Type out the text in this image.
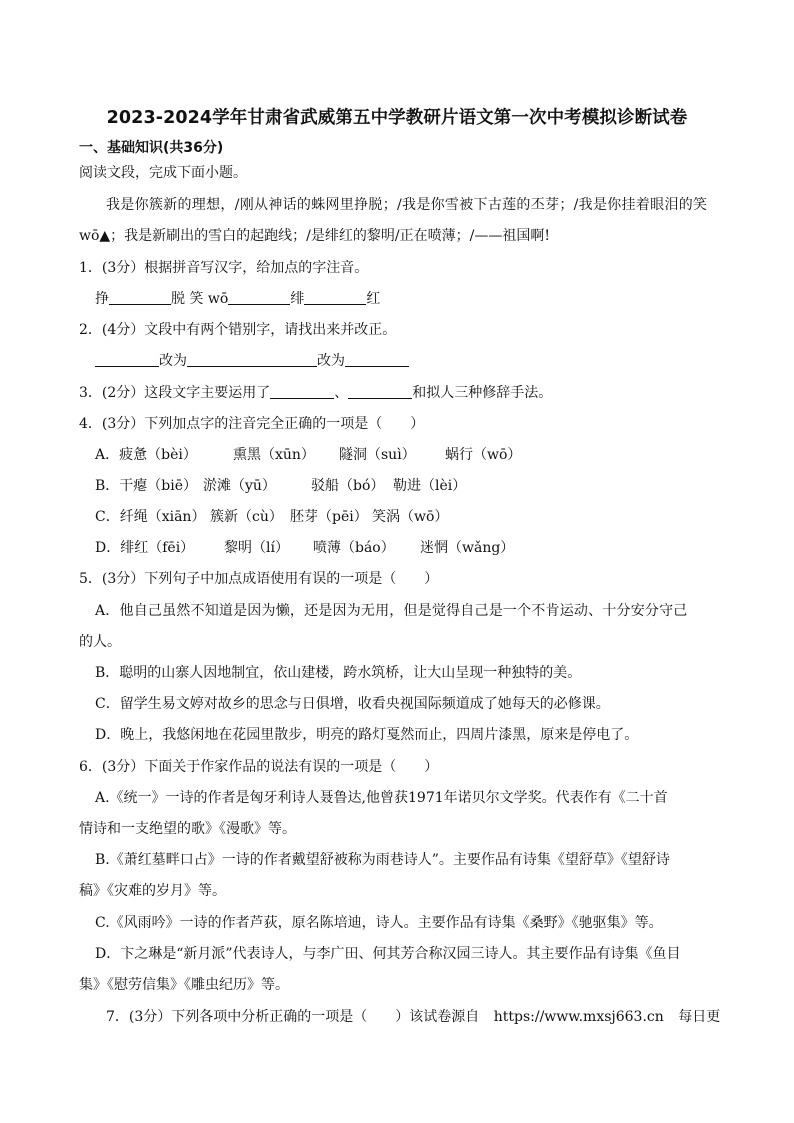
2023-2024学年甘肃省武威第五中学教研片语文第一次中考模拟诊断试卷
一、基础知识(共36分)
阅读文段，完成下面小题。
我是你簇新的理想，/刚从神话的蛛网里挣脱；/我是你雪被下古莲的丕芽；/我是你挂着眼泪的笑
wō▲；我是新刷出的雪白的起跑线；/是绯红的黎明/正在喷薄；/——祖国啊!
1．(3分）根据拼音写汉字，给加点的字注音。
挣	脱 笑 wō	绯	红
2．(4分）文段中有两个错别字，请找出来并改正。
改为	改为
3．(2分）这段文字主要运用了	、	和拟人三种修辞手法。
4．(3分）下列加点字的注音完全正确的一项是（　　）
A．疲惫（bèi）	熏黑（xūn） 隧洞（suì） 蜗行（wō）
B．干瘪（biē） 淤滩（yū）	驳船（bó） 勒进（lèi）
C．纤绳（xiān） 簇新（cù） 胚芽（pēi） 笑涡（wō）
D．绯红（fēi） 黎明（lí） 喷薄（báo） 迷惘（wǎng）
5．(3分）下列句子中加点成语使用有误的一项是（　　）
A．他自己虽然不知道是因为懒，还是因为无用，但是觉得自己是一个不肯运动、十分安分守己
的人。
B．聪明的山寨人因地制宜，依山建楼，跨水筑桥，让大山呈现一种独特的美。
C．留学生易文婷对故乡的思念与日俱增，收看央视国际频道成了她每天的必修课。
D．晚上，我悠闲地在花园里散步，明亮的路灯戛然而止，四周片漆黑，原来是停电了。
6．(3分）下面关于作家作品的说法有误的一项是（　　）
A.《统一》一诗的作者是匈牙利诗人聂鲁达,他曾获1971年诺贝尔文学奖。代表作有《二十首
情诗和一支绝望的歌》《漫歌》等。
B.《萧红墓畔口占》一诗的作者戴望舒被称为雨巷诗人”。主要作品有诗集《望舒草》《望舒诗
稿》《灾难的岁月》等。
C.《风雨吟》一诗的作者芦荻，原名陈培迪，诗人。主要作品有诗集《桑野》《驰驱集》等。
D．卞之琳是“新月派”代表诗人，与李广田、何其芳合称汉园三诗人。其主要作品有诗集《鱼目
集》《慰劳信集》《雕虫纪历》等。
7．(3分）下列各项中分析正确的一项是（　　）该试卷源自 https://www.mxsj663.cn 每日更
